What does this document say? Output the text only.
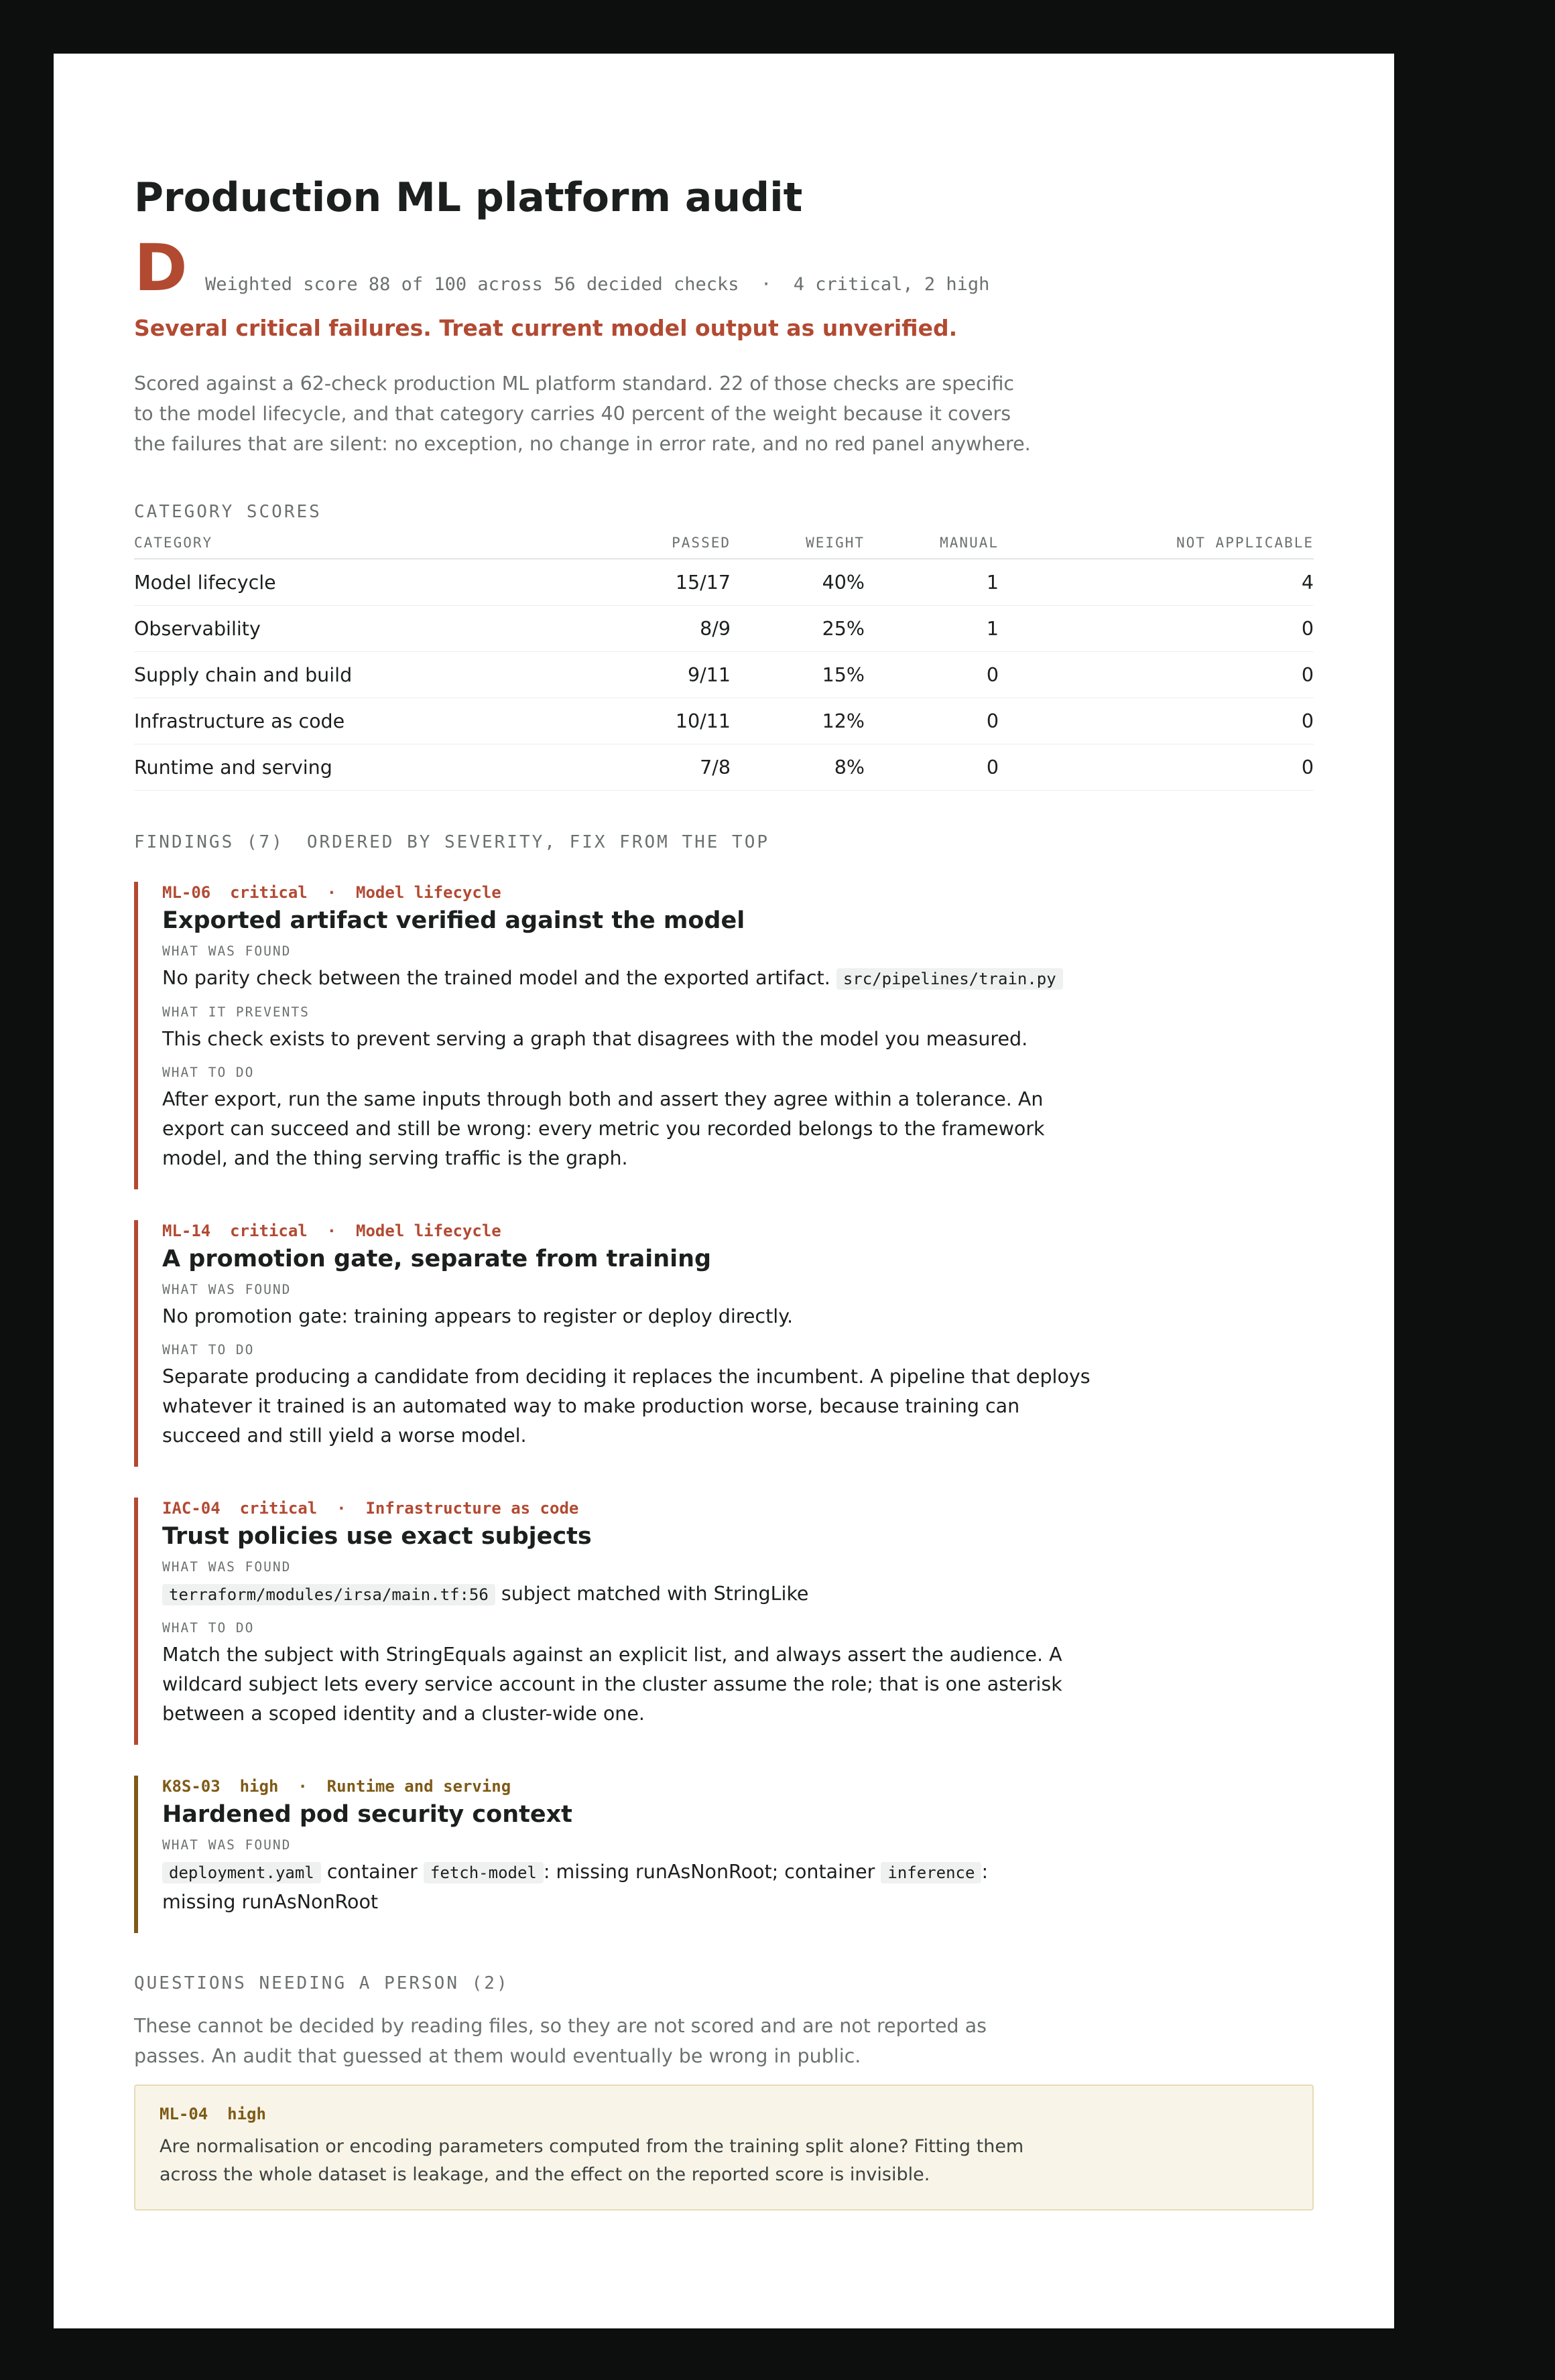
Production ML platform audit
D Weighted score 88 of 100 across 56 decided checks  ·  4 critical, 2 high
Several critical failures. Treat current model output as unverified.
Scored against a 62-check production ML platform standard. 22 of those checks are specific to the model lifecycle, and that category carries 40 percent of the weight because it covers the failures that are silent: no exception, no change in error rate, and no red panel anywhere.
CATEGORY SCORES
CATEGORY	PASSED	WEIGHT	MANUAL	NOT APPLICABLE
Model lifecycle	15/17	40%	1	4
Observability	8/9	25%	1	0
Supply chain and build	9/11	15%	0	0
Infrastructure as code	10/11	12%	0	0
Runtime and serving	7/8	8%	0	0
FINDINGS (7) ORDERED BY SEVERITY, FIX FROM THE TOP
ML-06 critical · Model lifecycle
Exported artifact verified against the model
WHAT WAS FOUND
No parity check between the trained model and the exported artifact. src/pipelines/train.py
WHAT IT PREVENTS
This check exists to prevent serving a graph that disagrees with the model you measured.
WHAT TO DO
After export, run the same inputs through both and assert they agree within a tolerance. An export can succeed and still be wrong: every metric you recorded belongs to the framework model, and the thing serving traffic is the graph.
ML-14 critical · Model lifecycle
A promotion gate, separate from training
WHAT WAS FOUND
No promotion gate: training appears to register or deploy directly.
WHAT TO DO
Separate producing a candidate from deciding it replaces the incumbent. A pipeline that deploys whatever it trained is an automated way to make production worse, because training can succeed and still yield a worse model.
IAC-04 critical · Infrastructure as code
Trust policies use exact subjects
WHAT WAS FOUND
terraform/modules/irsa/main.tf:56 subject matched with StringLike
WHAT TO DO
Match the subject with StringEquals against an explicit list, and always assert the audience. A wildcard subject lets every service account in the cluster assume the role; that is one asterisk between a scoped identity and a cluster-wide one.
K8S-03 high · Runtime and serving
Hardened pod security context
WHAT WAS FOUND
deployment.yaml container fetch-model : missing runAsNonRoot; container inference :
missing runAsNonRoot
QUESTIONS NEEDING A PERSON (2)
These cannot be decided by reading files, so they are not scored and are not reported as passes. An audit that guessed at them would eventually be wrong in public.
ML-04 high
Are normalisation or encoding parameters computed from the training split alone? Fitting them across the whole dataset is leakage, and the effect on the reported score is invisible.
